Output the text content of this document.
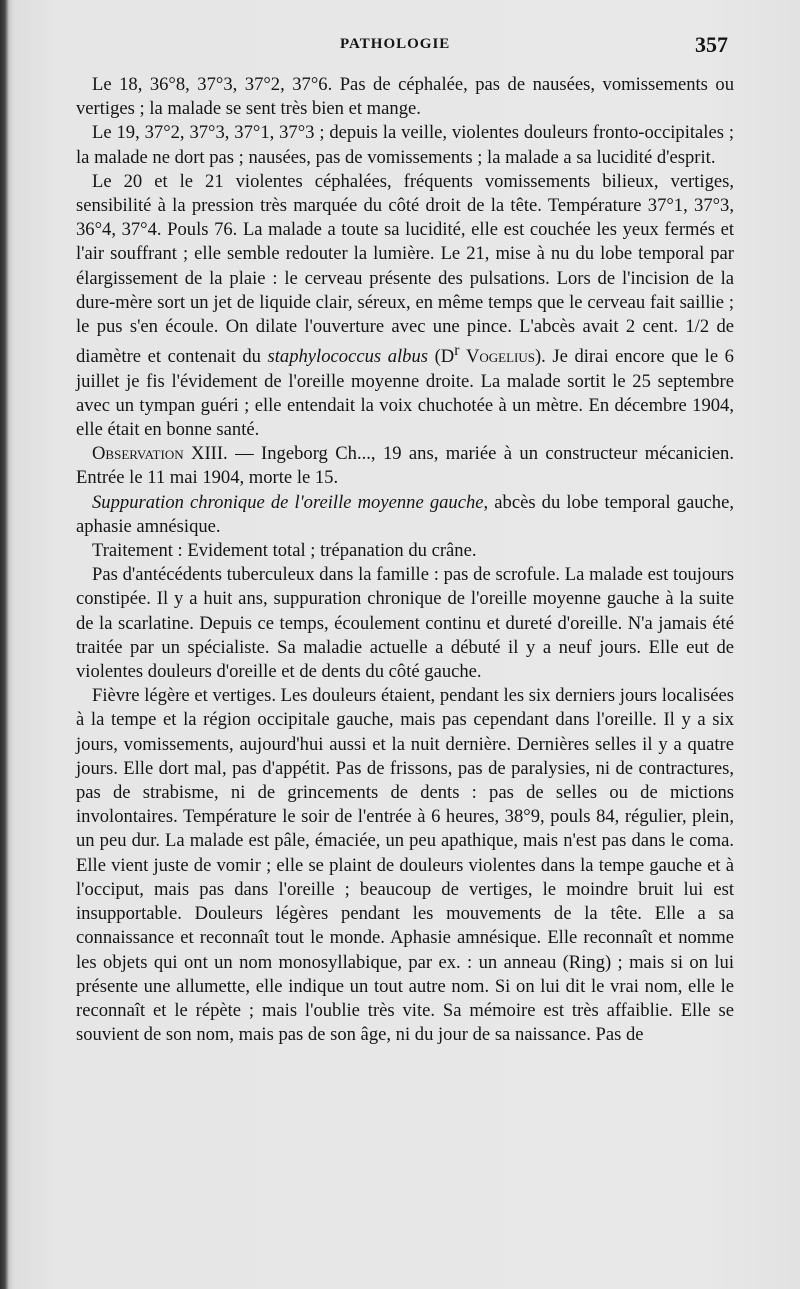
PATHOLOGIE	357

Le 18, 36°8, 37°3, 37°2, 37°6. Pas de céphalée, pas de nausées, vomissements ou vertiges ; la malade se sent très bien et mange.

Le 19, 37°2, 37°3, 37°1, 37°3 ; depuis la veille, violentes douleurs fronto-occipitales ; la malade ne dort pas ; nausées, pas de vomissements ; la malade a sa lucidité d'esprit.

Le 20 et le 21 violentes céphalées, fréquents vomissements bilieux, vertiges, sensibilité à la pression très marquée du côté droit de la tête. Température 37°1, 37°3, 36°4, 37°4. Pouls 76. La malade a toute sa lucidité, elle est couchée les yeux fermés et l'air souffrant ; elle semble redouter la lumière. Le 21, mise à nu du lobe temporal par élargissement de la plaie : le cerveau présente des pulsations. Lors de l'incision de la dure-mère sort un jet de liquide clair, séreux, en même temps que le cerveau fait saillie ; le pus s'en écoule. On dilate l'ouverture avec une pince. L'abcès avait 2 cent. 1/2 de diamètre et contenait du staphylococcus albus ($D^r$ Vogelius). Je dirai encore que le 6 juillet je fis l'évidement de l'oreille moyenne droite. La malade sortit le 25 septembre avec un tympan guéri ; elle entendait la voix chuchotée à un mètre. En décembre 1904, elle était en bonne santé.

Observation XIII. — Ingeborg Ch..., 19 ans, mariée à un constructeur mécanicien. Entrée le 11 mai 1904, morte le 15.

Suppuration chronique de l'oreille moyenne gauche, abcès du lobe temporal gauche, aphasie amnésique.

Traitement : Evidement total ; trépanation du crâne.

Pas d'antécédents tuberculeux dans la famille : pas de scrofule. La malade est toujours constipée. Il y a huit ans, suppuration chronique de l'oreille moyenne gauche à la suite de la scarlatine. Depuis ce temps, écoulement continu et dureté d'oreille. N'a jamais été traitée par un spécialiste. Sa maladie actuelle a débuté il y a neuf jours. Elle eut de violentes douleurs d'oreille et de dents du côté gauche.

Fièvre légère et vertiges. Les douleurs étaient, pendant les six derniers jours localisées à la tempe et la région occipitale gauche, mais pas cependant dans l'oreille. Il y a six jours, vomissements, aujourd'hui aussi et la nuit dernière. Dernières selles il y a quatre jours. Elle dort mal, pas d'appétit. Pas de frissons, pas de paralysies, ni de contractures, pas de strabisme, ni de grincements de dents : pas de selles ou de mictions involontaires. Température le soir de l'entrée à 6 heures, 38°9, pouls 84, régulier, plein, un peu dur. La malade est pâle, émaciée, un peu apathique, mais n'est pas dans le coma. Elle vient juste de vomir ; elle se plaint de douleurs violentes dans la tempe gauche et à l'occiput, mais pas dans l'oreille ; beaucoup de vertiges, le moindre bruit lui est insupportable. Douleurs légères pendant les mouvements de la tête. Elle a sa connaissance et reconnaît tout le monde. Aphasie amnésique. Elle reconnaît et nomme les objets qui ont un nom monosyllabique, par ex. : un anneau (Ring) ; mais si on lui présente une allumette, elle indique un tout autre nom. Si on lui dit le vrai nom, elle le reconnaît et le répète ; mais l'oublie très vite. Sa mémoire est très affaiblie. Elle se souvient de son nom, mais pas de son âge, ni du jour de sa naissance. Pas de
